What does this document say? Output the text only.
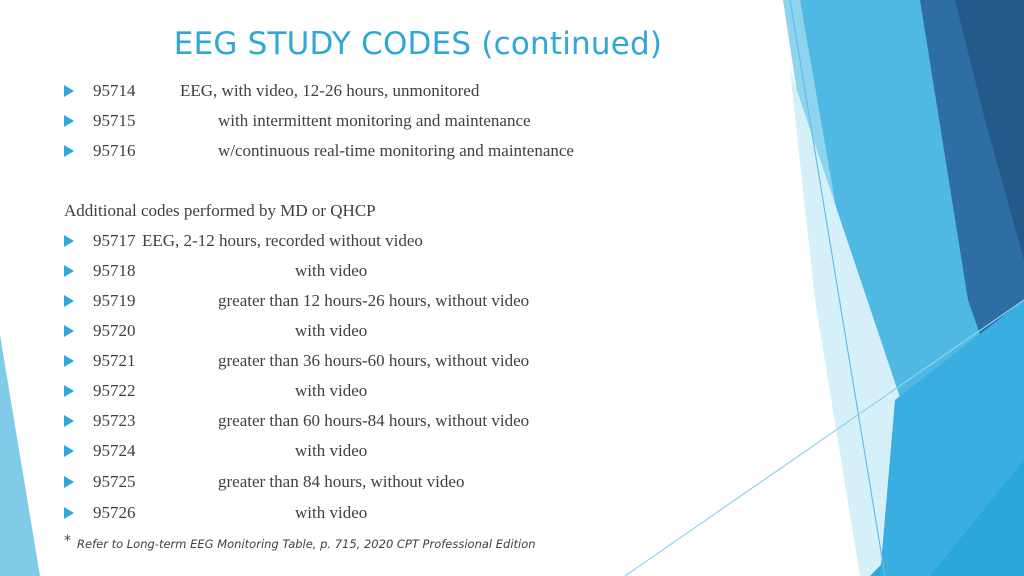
EEG STUDY CODES (continued)
95714	EEG, with video, 12-26 hours, unmonitored
95715	with intermittent monitoring and maintenance
95716	w/continuous real-time monitoring and maintenance
Additional codes performed by MD or QHCP
95717 EEG, 2-12 hours, recorded without video
95718	with video
95719	greater than 12 hours-26 hours, without video
95720	with video
95721	greater than 36 hours-60 hours, without video
95722	with video
95723	greater than 60 hours-84 hours, without video
95724	with video
95725	greater than 84 hours, without video
95726	with video
* Refer to Long-term EEG Monitoring Table, p. 715, 2020 CPT Professional Edition
